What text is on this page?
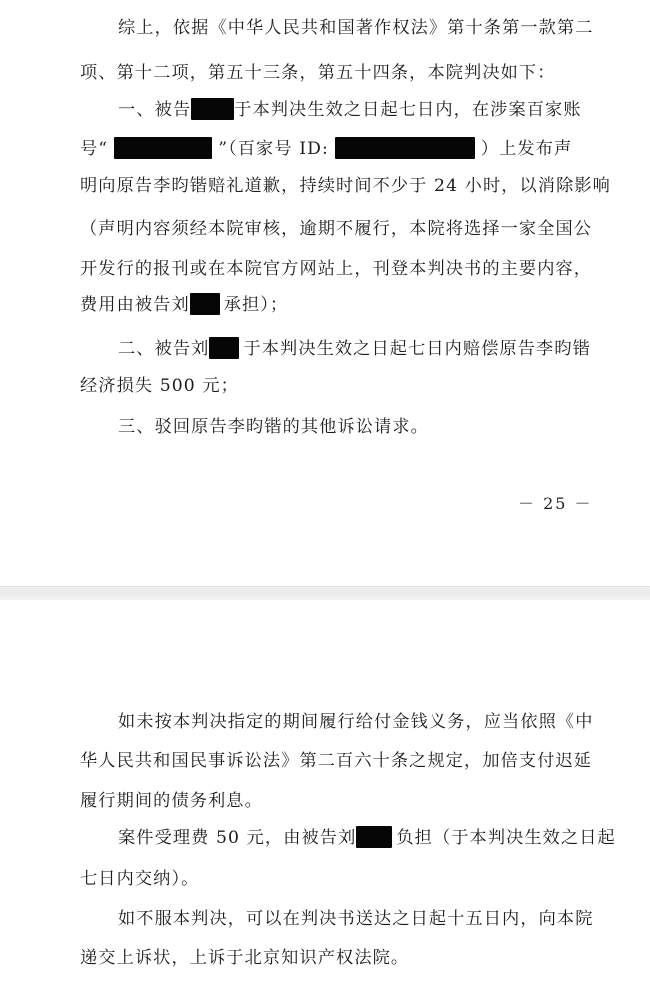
综上，依据《中华人民共和国著作权法》第十条第一款第二
项、第十二项，第五十三条，第五十四条，本院判决如下：
一、被告	于本判决生效之日起七日内，在涉案百家账
号“	”（百家号 ID:	）上发布声
明向原告李昀锴赔礼道歉，持续时间不少于 24 小时，以消除影响
（声明内容须经本院审核，逾期不履行，本院将选择一家全国公
开发行的报刊或在本院官方网站上，刊登本判决书的主要内容，
费用由被告刘 承担）；
二、被告刘 于本判决生效之日起七日内赔偿原告李昀锴
经济损失 500 元；
三、驳回原告李昀锴的其他诉讼请求。
－ 25 －
如未按本判决指定的期间履行给付金钱义务，应当依照《中
华人民共和国民事诉讼法》第二百六十条之规定，加倍支付迟延
履行期间的债务利息。
案件受理费 50 元，由被告刘 负担（于本判决生效之日起
七日内交纳）。
如不服本判决，可以在判决书送达之日起十五日内，向本院
递交上诉状，上诉于北京知识产权法院。
